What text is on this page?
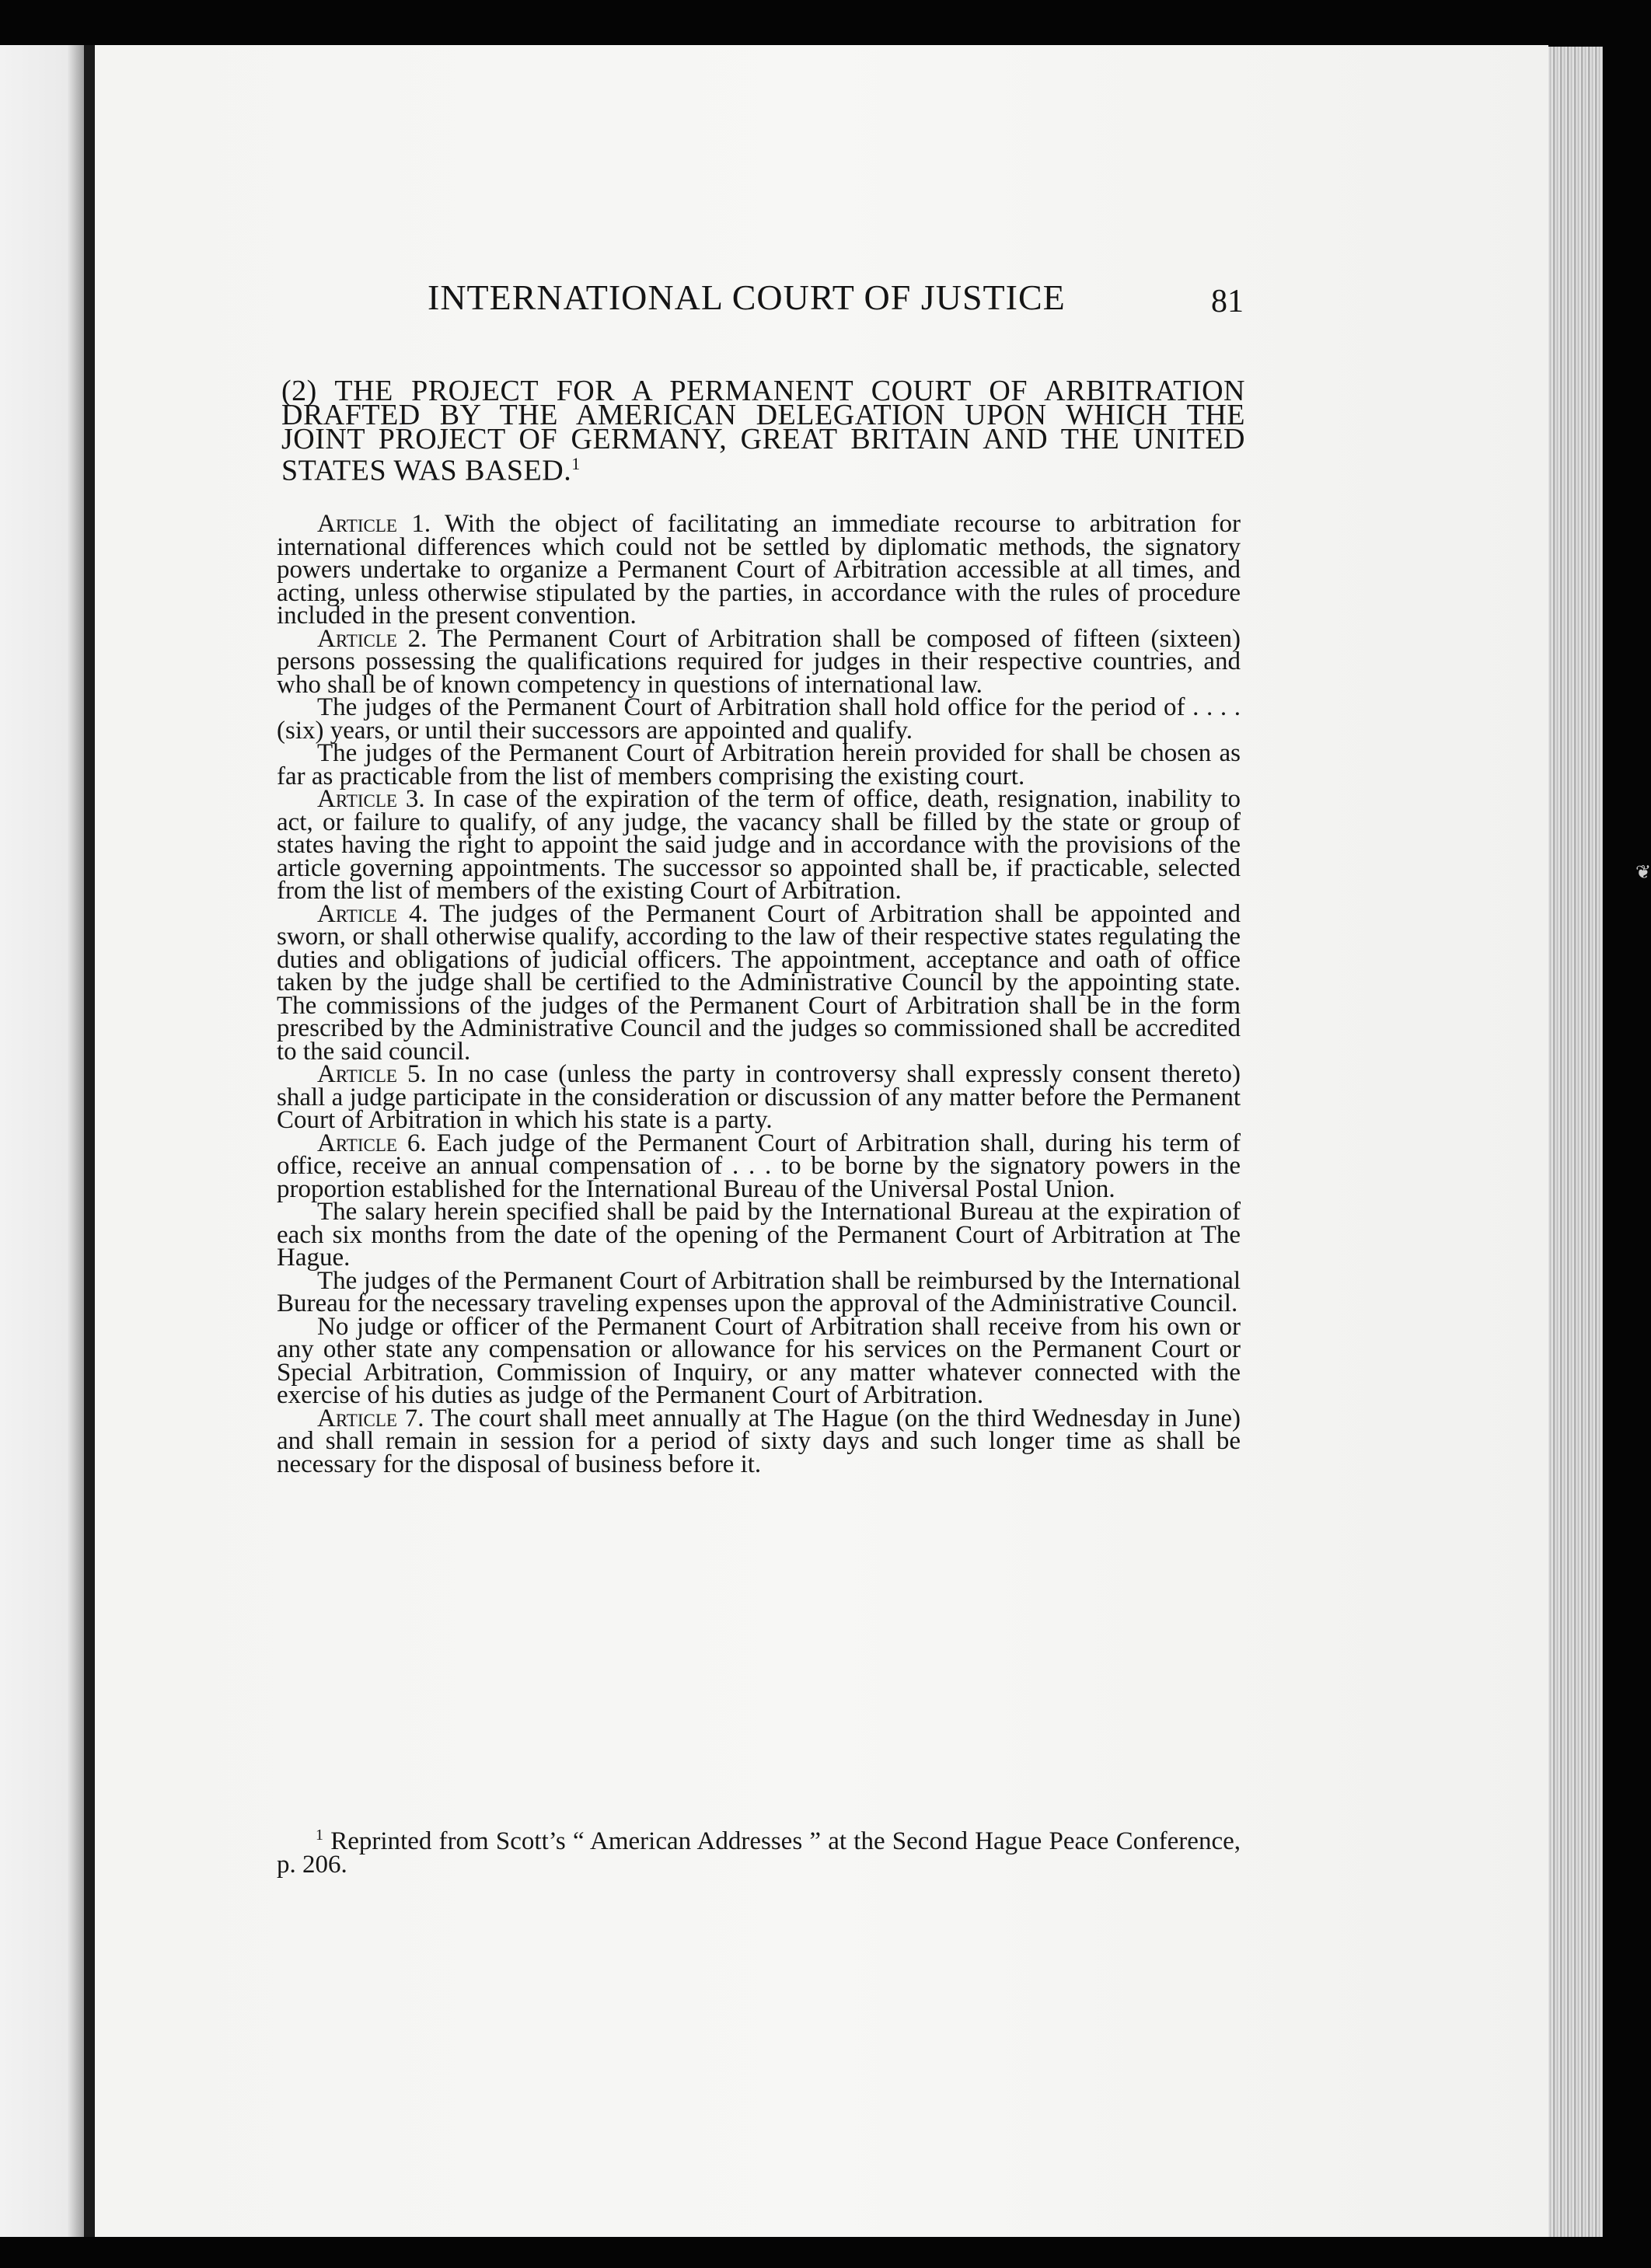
❦
INTERNATIONAL COURT OF JUSTICE	81
(2) THE PROJECT FOR A PERMANENT COURT OF ARBITRATION DRAFTED BY THE AMERICAN DELEGATION UPON WHICH THE JOINT PROJECT OF GERMANY, GREAT BRITAIN AND THE UNITED STATES WAS BASED.$^1$

Article 1. With the object of facilitating an immediate recourse to arbitration for international differences which could not be settled by diplomatic methods, the signatory powers undertake to organize a Permanent Court of Arbitration accessible at all times, and acting, unless otherwise stipulated by the parties, in accordance with the rules of procedure included in the present convention.

Article 2. The Permanent Court of Arbitration shall be composed of fifteen (sixteen) persons possessing the qualifications required for judges in their respective countries, and who shall be of known competency in questions of international law.

The judges of the Permanent Court of Arbitration shall hold office for the period of . . . . (six) years, or until their successors are appointed and qualify.

The judges of the Permanent Court of Arbitration herein provided for shall be chosen as far as practicable from the list of members comprising the existing court.

Article 3. In case of the expiration of the term of office, death, resignation, inability to act, or failure to qualify, of any judge, the vacancy shall be filled by the state or group of states having the right to appoint the said judge and in accordance with the provisions of the article governing appointments. The successor so appointed shall be, if practicable, selected from the list of members of the existing Court of Arbitration.

Article 4. The judges of the Permanent Court of Arbitration shall be appointed and sworn, or shall otherwise qualify, according to the law of their respective states regulating the duties and obligations of judicial officers. The appointment, acceptance and oath of office taken by the judge shall be certified to the Administrative Council by the appointing state. The commissions of the judges of the Permanent Court of Arbitration shall be in the form prescribed by the Administrative Council and the judges so commissioned shall be accredited to the said council.

Article 5. In no case (unless the party in controversy shall expressly consent thereto) shall a judge participate in the consideration or discussion of any matter before the Permanent Court of Arbitration in which his state is a party.

Article 6. Each judge of the Permanent Court of Arbitration shall, during his term of office, receive an annual compensation of . . . to be borne by the signatory powers in the proportion established for the International Bureau of the Universal Postal Union.

The salary herein specified shall be paid by the International Bureau at the expiration of each six months from the date of the opening of the Permanent Court of Arbitration at The Hague.

The judges of the Permanent Court of Arbitration shall be reimbursed by the International Bureau for the necessary traveling expenses upon the approval of the Administrative Council.

No judge or officer of the Permanent Court of Arbitration shall receive from his own or any other state any compensation or allowance for his services on the Permanent Court or Special Arbitration, Commission of Inquiry, or any matter whatever connected with the exercise of his duties as judge of the Permanent Court of Arbitration.

Article 7. The court shall meet annually at The Hague (on the third Wednesday in June) and shall remain in session for a period of sixty days and such longer time as shall be necessary for the disposal of business before it.

$^1$ Reprinted from Scott’s “ American Addresses ” at the Second Hague Peace Conference, p. 206.
